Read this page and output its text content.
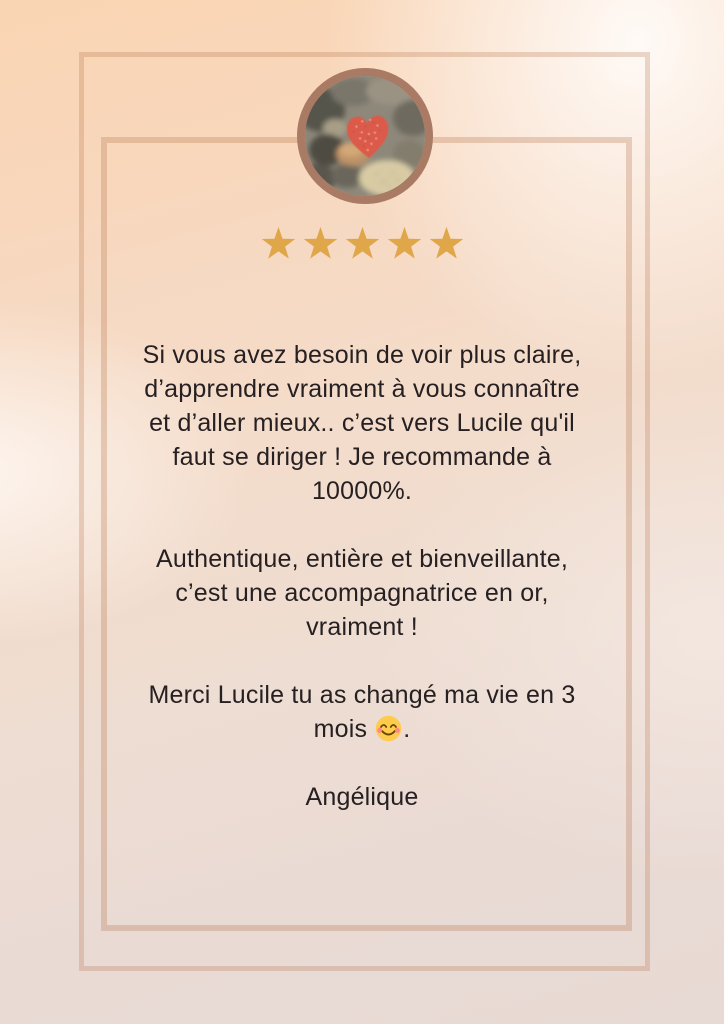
Si vous avez besoin de voir plus claire,
d’apprendre vraiment à vous connaître
et d’aller mieux.. c’est vers Lucile qu'il
faut se diriger ! Je recommande à
10000%.
Authentique, entière et bienveillante,
c’est une accompagnatrice en or,
vraiment !
Merci Lucile tu as changé ma vie en 3
mois .
Angélique
